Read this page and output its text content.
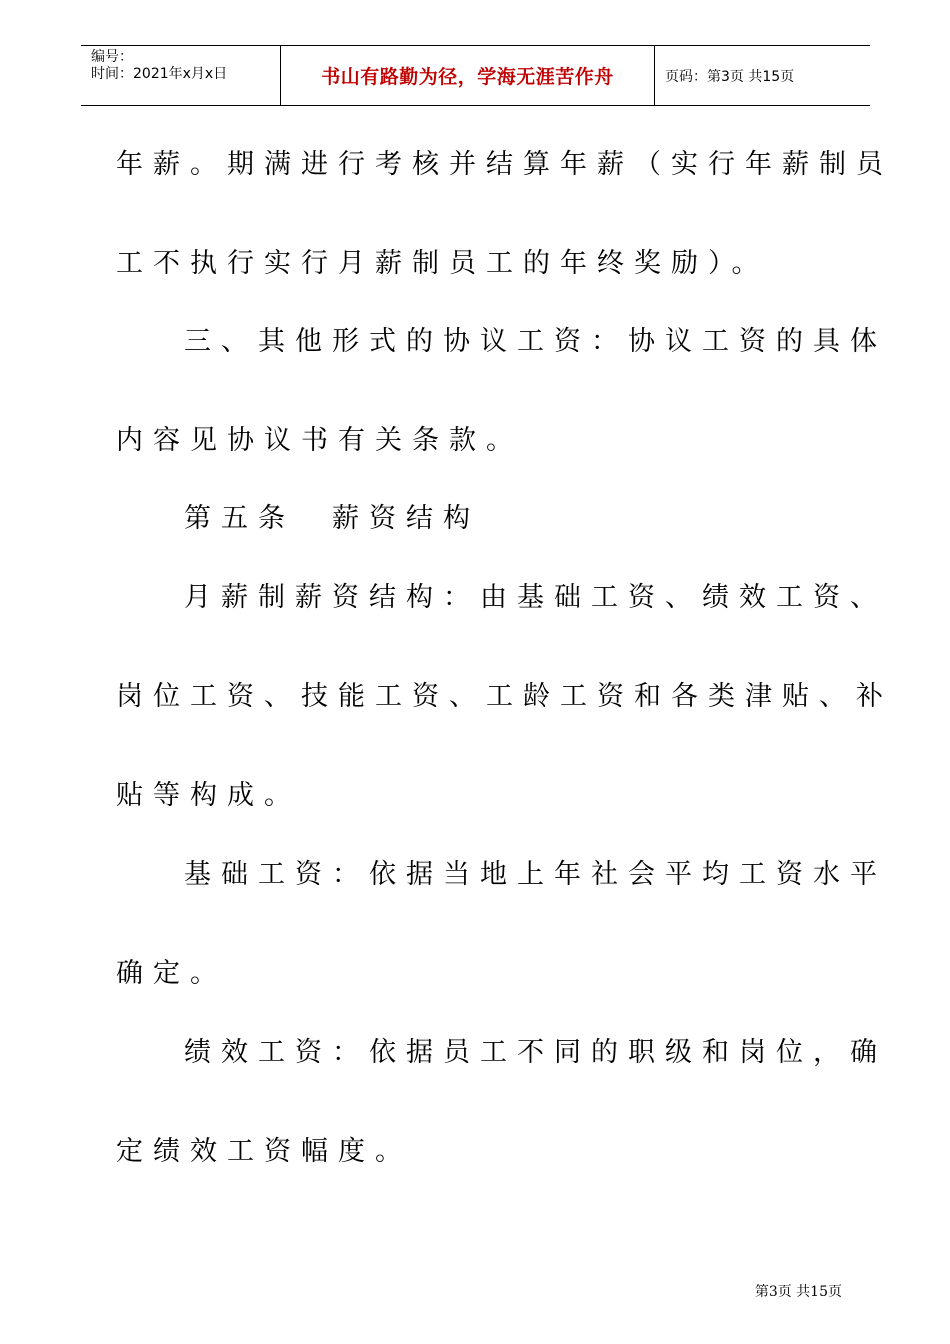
编号：
时间：2021年x月x日	书山有路勤为径，学海无涯苦作舟	页码：第3页 共15页
年薪。期满进行考核并结算年薪（实行年薪制员
工不执行实行月薪制员工的年终奖励）。
三、其他形式的协议工资：协议工资的具体
内容见协议书有关条款。
第五条　薪资结构
月薪制薪资结构：由基础工资、绩效工资、
岗位工资、技能工资、工龄工资和各类津贴、补
贴等构成。
基础工资：依据当地上年社会平均工资水平
确定。
绩效工资：依据员工不同的职级和岗位，确
定绩效工资幅度。
第3页 共15页
